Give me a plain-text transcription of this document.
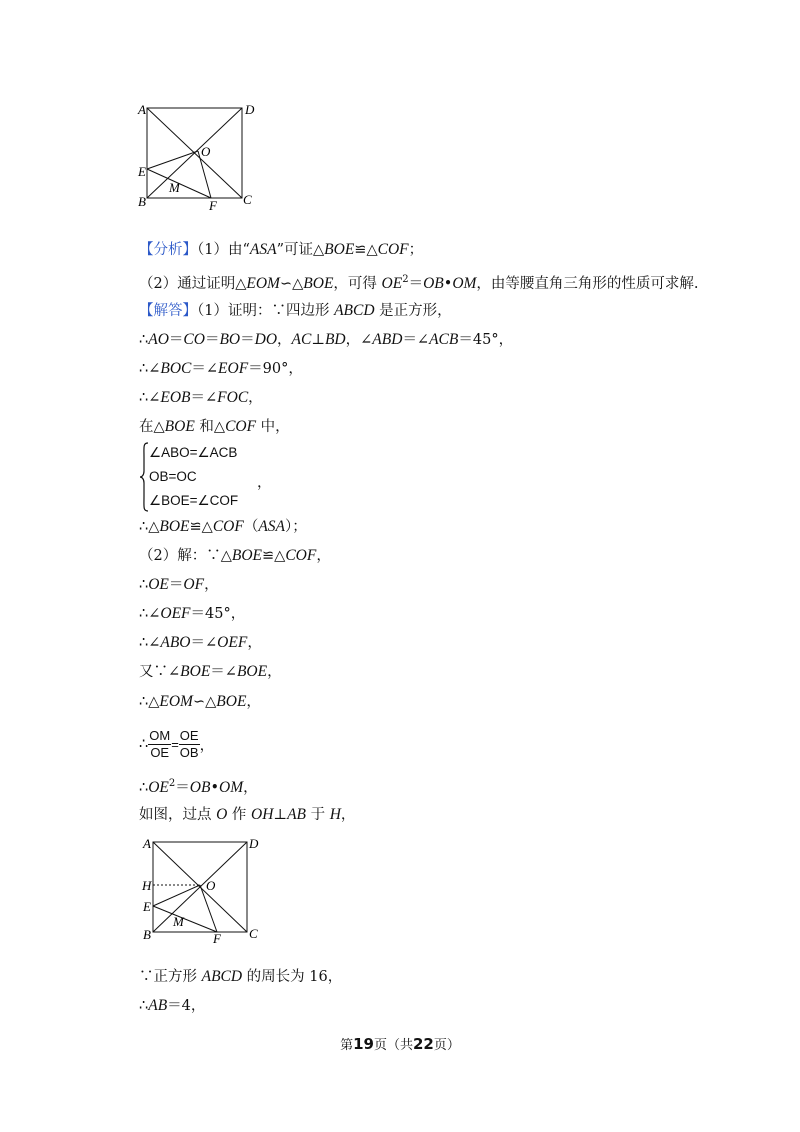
A	D
O
E
M
B	F C
【分析】（1）由“ASA”可证△BOE≌△COF；
（2）通过证明△EOM∽△BOE，可得 $OE^2=OB•OM$，由等腰直角三角形的性质可求解.
【解答】（1）证明：∵四边形 ABCD 是正方形，
∴AO＝CO＝BO＝DO，AC⊥BD，∠ABD＝∠ACB＝45°，
∴∠BOC＝∠EOF＝90°，
∴∠EOB＝∠FOC，
在△BOE 和△COF 中，
∠ABO=∠ACB
OB=OC
∠BOE=∠COF
，
∴△BOE≌△COF（ASA）；
（2）解：∵△BOE≌△COF，
∴OE＝OF，
∴∠OEF＝45°，
∴∠ABO＝∠OEF，
又∵∠BOE＝∠BOE，
∴△EOM∽△BOE，
∴ $\frac{OM}{OE} = \frac{OE}{OB}$ ，
$\therefore OE^2=OB•OM$，
如图，过点 O 作 OH⊥AB 于 H，
A	D
H	O
E
M
B	F C
∵正方形 ABCD 的周长为 16，
∴AB＝4，
第19页（共22页）
